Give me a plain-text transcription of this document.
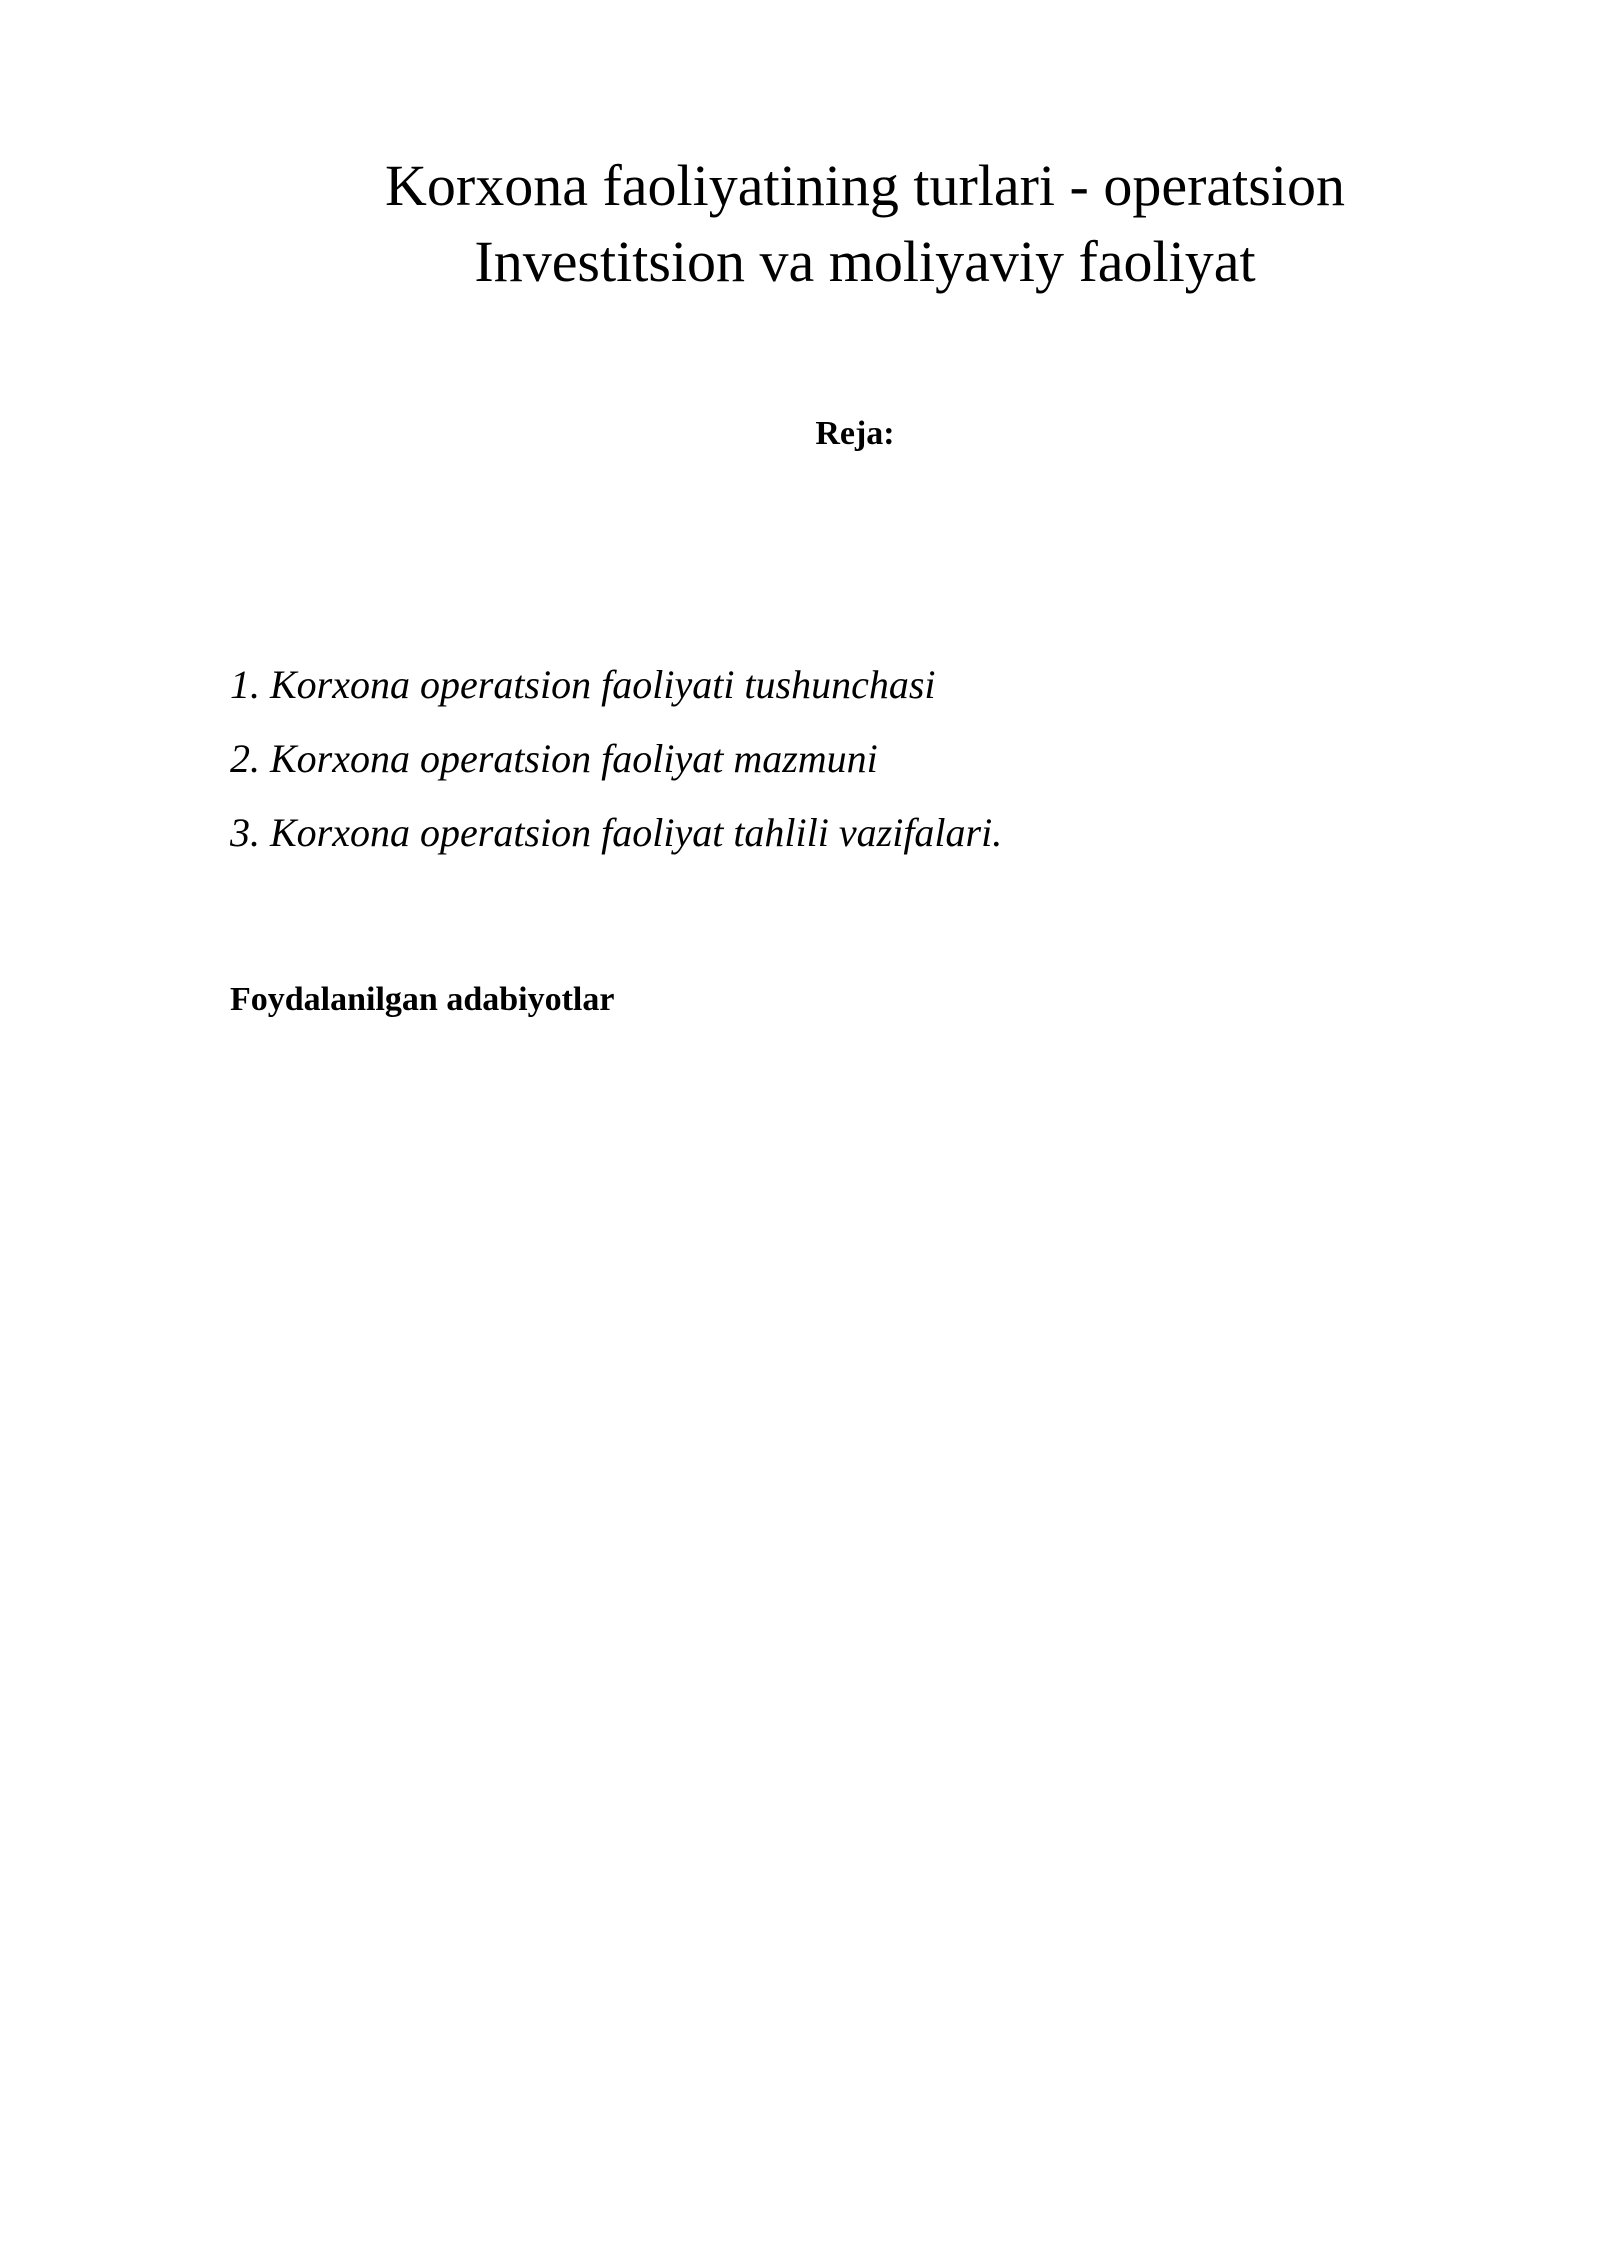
Korxona faoliyatining turlari - operatsion
Investitsion va moliyaviy faoliyat

Reja:

1. Korxona operatsion faoliyati tushunchasi
2. Korxona operatsion faoliyat mazmuni
3. Korxona operatsion faoliyat tahlili vazifalari.

Foydalanilgan adabiyotlar
